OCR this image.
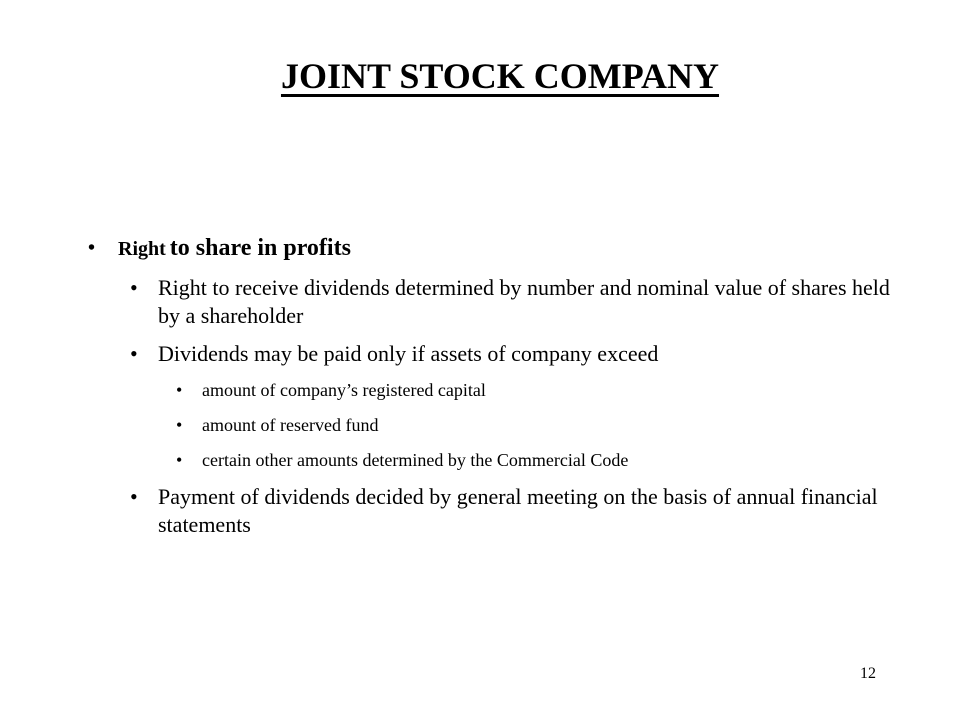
JOINT STOCK COMPANY
• Right to share in profits
• Right to receive dividends determined by number and nominal value of shares held by a shareholder
• Dividends may be paid only if assets of company exceed
• amount of company’s registered capital
• amount of reserved fund
• certain other amounts determined by the Commercial Code
• Payment of dividends decided by general meeting on the basis of annual financial statements
12
